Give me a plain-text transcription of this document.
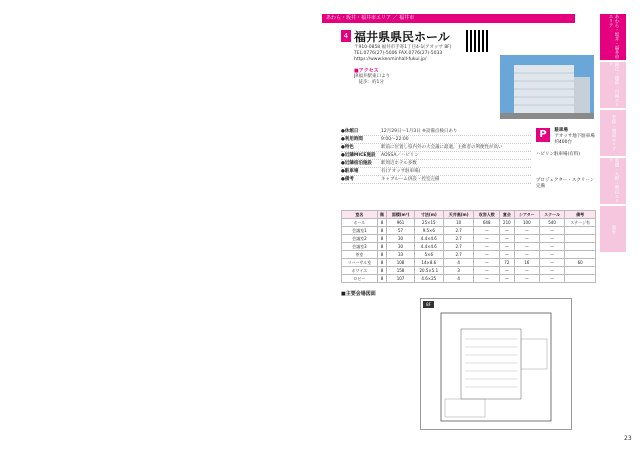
あわら・坂井・福井市エリア ／ 福井市	あわら・坂井・福井市エリア
鯖江・越前・丹南エリア
若狭・嶺南エリア
奥越・大野・勝山エリア
県外
4 福井県県民ホール
〒910-0858 福井市手寄1丁目4-1(アオッサ 8F)
TEL.0776(27)-5006 FAX.0776(27)-5033
https://www.kenminhall-fukui.jp/
■アクセス
JR福井駅東口より
　徒歩：約1分
●休館日	12月29日〜1月3日 ※設備点検日あり
●利用時間	9:00〜22:00
●特色	駅前に位置し県内外の大会議に最適。主催者の利便性が高い
●近隣MICE施設	AOSSA／ハピリン
●近隣宿泊施設	駅周辺ホテル多数
●駐車場	有(アオッサ駐車場)
●備考	キャブルーム併設・控室完備
P 駐車場
アオッサ地下駐車場
約400台
ハピリン駐車場(有料)
プロジェクター・スクリーン完備
室名	階	面積(m²)	寸法(m)	天井高(m)	収容人数	宴会	シアター	スクール	備考
ホール	8	961	25×15	10	648	210	100	540	ステージ有
会議室1	8	57	9.5×6	2.7	—	—	—	—	
会議室2	8	30	4.4×4.6	2.7	—	—	—	—	
会議室3	8	30	4.4×4.6	2.7	—	—	—	—	
茶室	8	33	5×6	2.7	—	—	—	—	
リハーサル室	8	108	14×8.6	4	—	72	16	—	60
ホワイエ	8	158	20.5×5.1	3	—	—	—	—	
ロビー	8	107	4.6×25	4	—	—	—	—	
■主要会場図面
8F
23
